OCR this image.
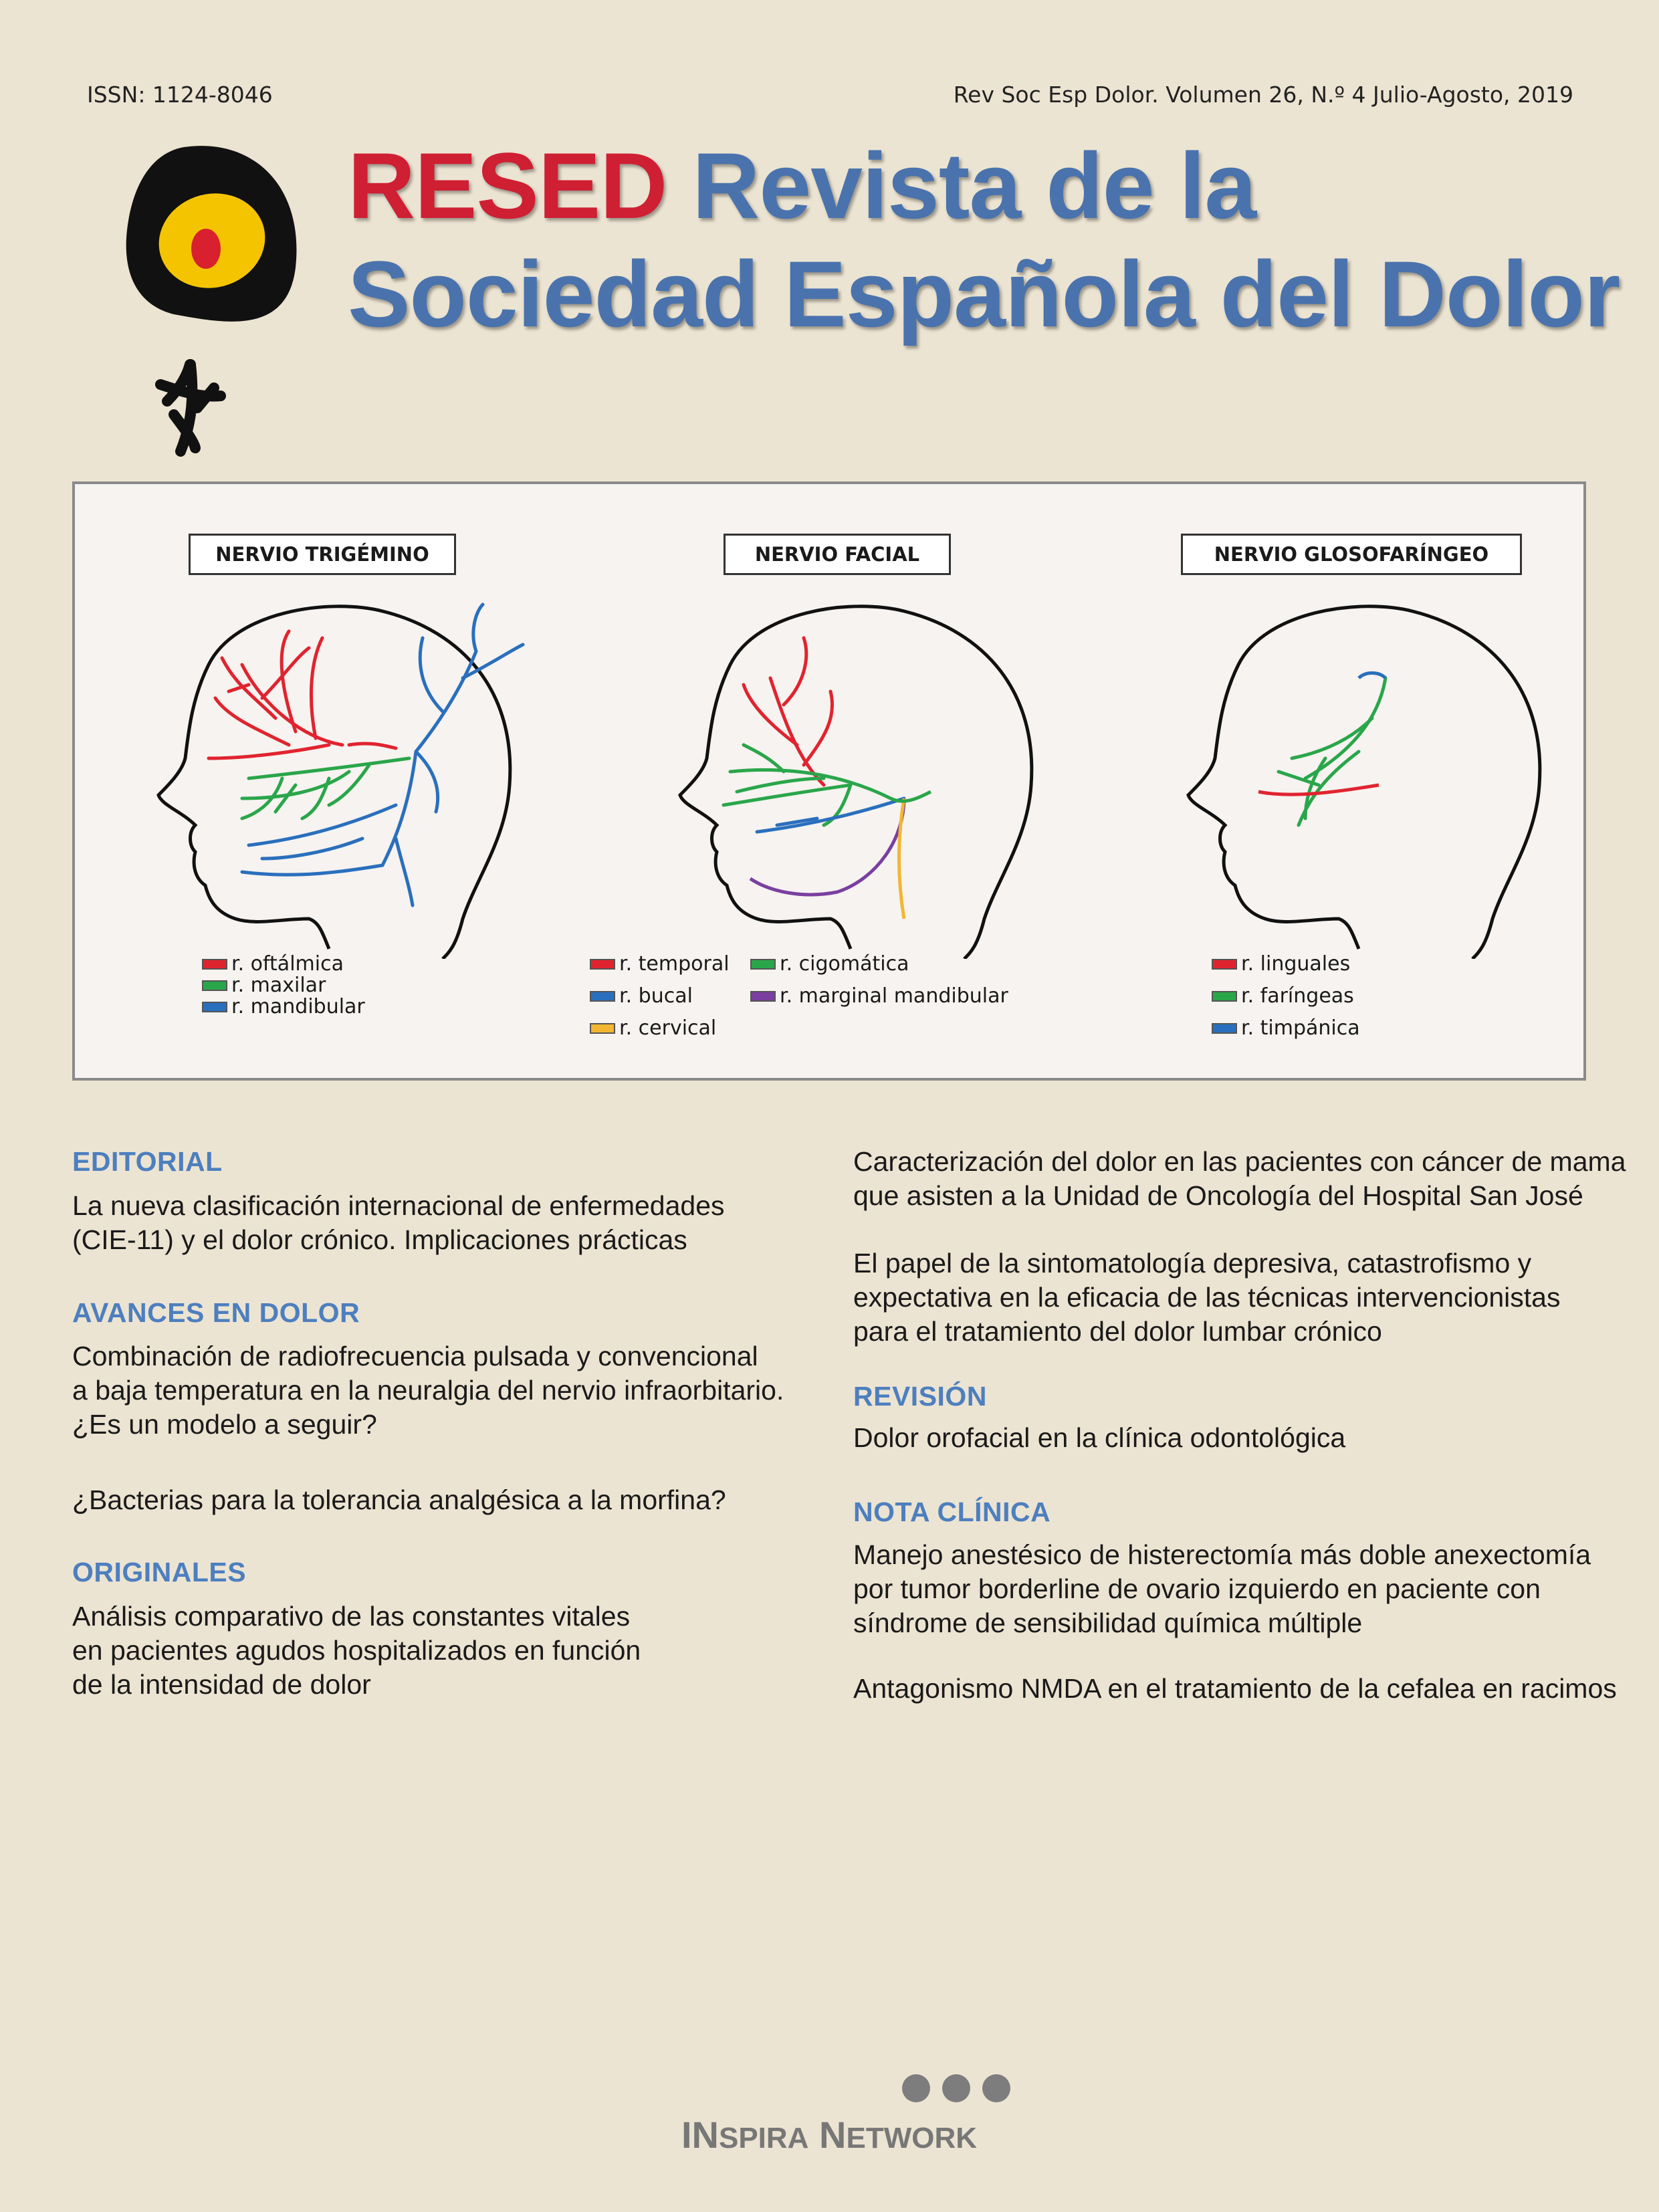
ISSN: 1124-8046	Rev Soc Esp Dolor. Volumen 26, N.º 4 Julio-Agosto, 2019
RESED Revista de la
Sociedad Española del Dolor
NERVIO TRIGÉMINO
r. oftálmica
r. maxilar
r. mandibular
NERVIO FACIAL
r. temporal	r. cigomática
r. bucal	r. marginal mandibular
r. cervical
NERVIO GLOSOFARÍNGEO
r. linguales
r. faríngeas
r. timpánica
EDITORIAL
La nueva clasificación internacional de enfermedades
(CIE-11) y el dolor crónico. Implicaciones prácticas
AVANCES EN DOLOR
Combinación de radiofrecuencia pulsada y convencional
a baja temperatura en la neuralgia del nervio infraorbitario.
¿Es un modelo a seguir?
¿Bacterias para la tolerancia analgésica a la morfina?
ORIGINALES
Análisis comparativo de las constantes vitales
en pacientes agudos hospitalizados en función
de la intensidad de dolor
Caracterización del dolor en las pacientes con cáncer de mama
que asisten a la Unidad de Oncología del Hospital San José
El papel de la sintomatología depresiva, catastrofismo y
expectativa en la eficacia de las técnicas intervencionistas
para el tratamiento del dolor lumbar crónico
REVISIÓN
Dolor orofacial en la clínica odontológica
NOTA CLÍNICA
Manejo anestésico de histerectomía más doble anexectomía
por tumor borderline de ovario izquierdo en paciente con
síndrome de sensibilidad química múltiple
Antagonismo NMDA en el tratamiento de la cefalea en racimos
INSPIRA NETWORK
